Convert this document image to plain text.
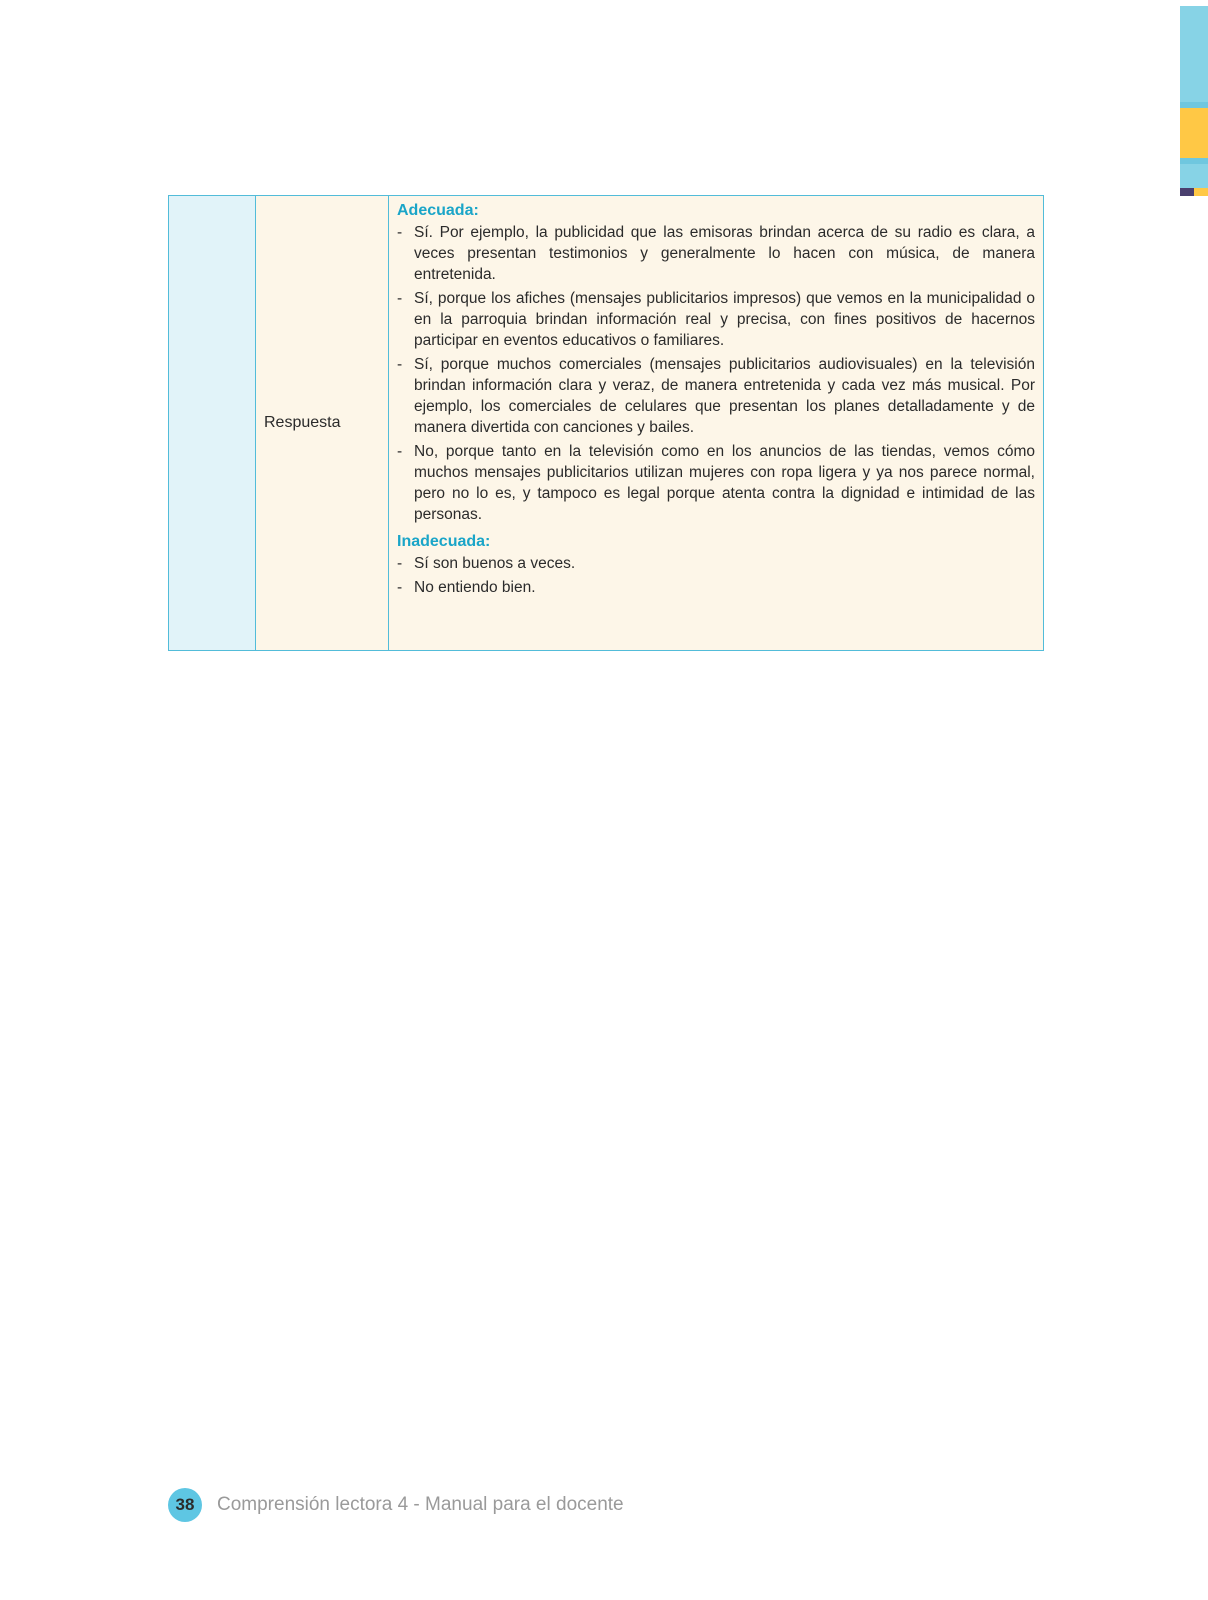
Respuesta
Adecuada:
- Sí. Por ejemplo, la publicidad que las emisoras brindan acerca de su radio es clara, a veces presentan testimonios y generalmente lo hacen con música, de manera entretenida.
- Sí, porque los afiches (mensajes publicitarios impresos) que vemos en la municipalidad o en la parroquia brindan información real y precisa, con fines positivos de hacernos participar en eventos educativos o familiares.
- Sí, porque muchos comerciales (mensajes publicitarios audiovisuales) en la televisión brindan información clara y veraz, de manera entretenida y cada vez más musical. Por ejemplo, los comerciales de celulares que presentan los planes detalladamente y de manera divertida con canciones y bailes.
- No, porque tanto en la televisión como en los anuncios de las tiendas, vemos cómo muchos mensajes publicitarios utilizan mujeres con ropa ligera y ya nos parece normal, pero no lo es, y tampoco es legal porque atenta contra la dignidad e intimidad de las personas.
Inadecuada:
- Sí son buenos a veces.
- No entiendo bien.
38	Comprensión lectora 4 - Manual para el docente
